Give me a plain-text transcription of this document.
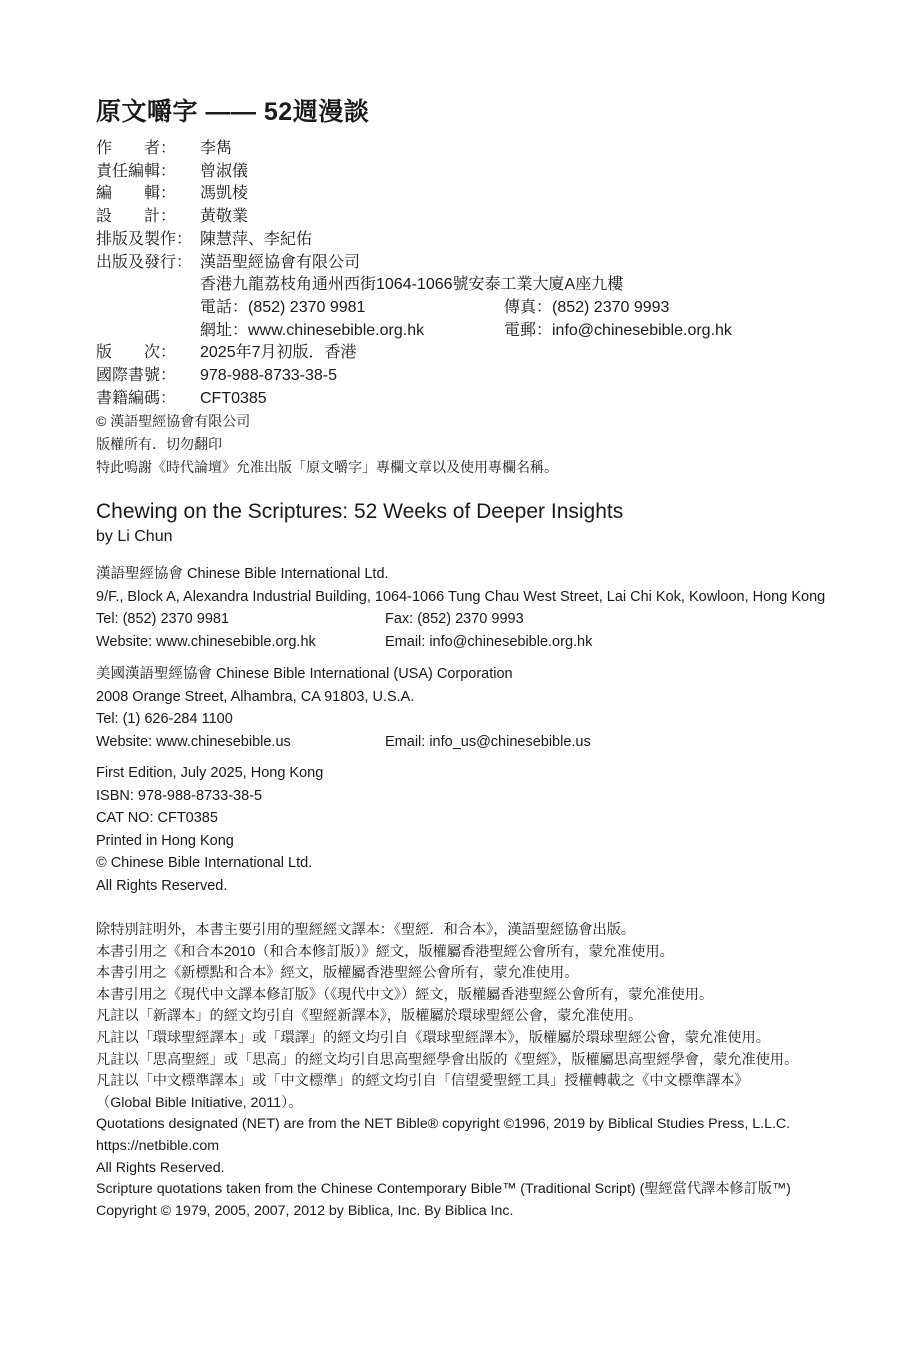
原文嚼字 —— 52週漫談
作　　者： 李雋
責任編輯： 曾淑儀
編　　輯： 馮凱棱
設　　計： 黃敬業
排版及製作： 陳慧萍、李紀佑
出版及發行： 漢語聖經協會有限公司
香港九龍荔枝角通州西街1064-1066號安泰工業大廈A座九樓
電話：(852) 2370 9981	傳真：(852) 2370 9993
網址：www.chinesebible.org.hk	電郵：info@chinesebible.org.hk
版　　次： 2025年7月初版．香港
國際書號： 978-988-8733-38-5
書籍編碼： CFT0385
© 漢語聖經協會有限公司
版權所有．切勿翻印
特此鳴謝《時代論壇》允准出版「原文嚼字」專欄文章以及使用專欄名稱。
Chewing on the Scriptures: 52 Weeks of Deeper Insights
by Li Chun
漢語聖經協會 Chinese Bible International Ltd.
9/F., Block A, Alexandra Industrial Building, 1064-1066 Tung Chau West Street, Lai Chi Kok, Kowloon, Hong Kong
Tel: (852) 2370 9981	Fax: (852) 2370 9993
Website: www.chinesebible.org.hk	Email: info@chinesebible.org.hk
美國漢語聖經協會 Chinese Bible International (USA) Corporation
2008 Orange Street, Alhambra, CA 91803, U.S.A.
Tel: (1) 626-284 1100
Website: www.chinesebible.us	Email: info_us@chinesebible.us
First Edition, July 2025, Hong Kong
ISBN: 978-988-8733-38-5
CAT NO: CFT0385
Printed in Hong Kong
© Chinese Bible International Ltd.
All Rights Reserved.
除特別註明外，本書主要引用的聖經經文譯本：《聖經．和合本》，漢語聖經協會出版。
本書引用之《和合本2010（和合本修訂版）》經文，版權屬香港聖經公會所有，蒙允准使用。
本書引用之《新標點和合本》經文，版權屬香港聖經公會所有，蒙允准使用。
本書引用之《現代中文譯本修訂版》（《現代中文》）經文，版權屬香港聖經公會所有，蒙允准使用。
凡註以「新譯本」的經文均引自《聖經新譯本》，版權屬於環球聖經公會，蒙允准使用。
凡註以「環球聖經譯本」或「環譯」的經文均引自《環球聖經譯本》，版權屬於環球聖經公會，蒙允准使用。
凡註以「思高聖經」或「思高」的經文均引自思高聖經學會出版的《聖經》，版權屬思高聖經學會，蒙允准使用。
凡註以「中文標準譯本」或「中文標準」的經文均引自「信望愛聖經工具」授權轉載之《中文標準譯本》
（Global Bible Initiative, 2011）。
Quotations designated (NET) are from the NET Bible® copyright ©1996, 2019 by Biblical Studies Press, L.L.C.
https://netbible.com
All Rights Reserved.
Scripture quotations taken from the Chinese Contemporary Bible™ (Traditional Script) (聖經當代譯本修訂版™)
Copyright © 1979, 2005, 2007, 2012 by Biblica, Inc. By Biblica Inc.
